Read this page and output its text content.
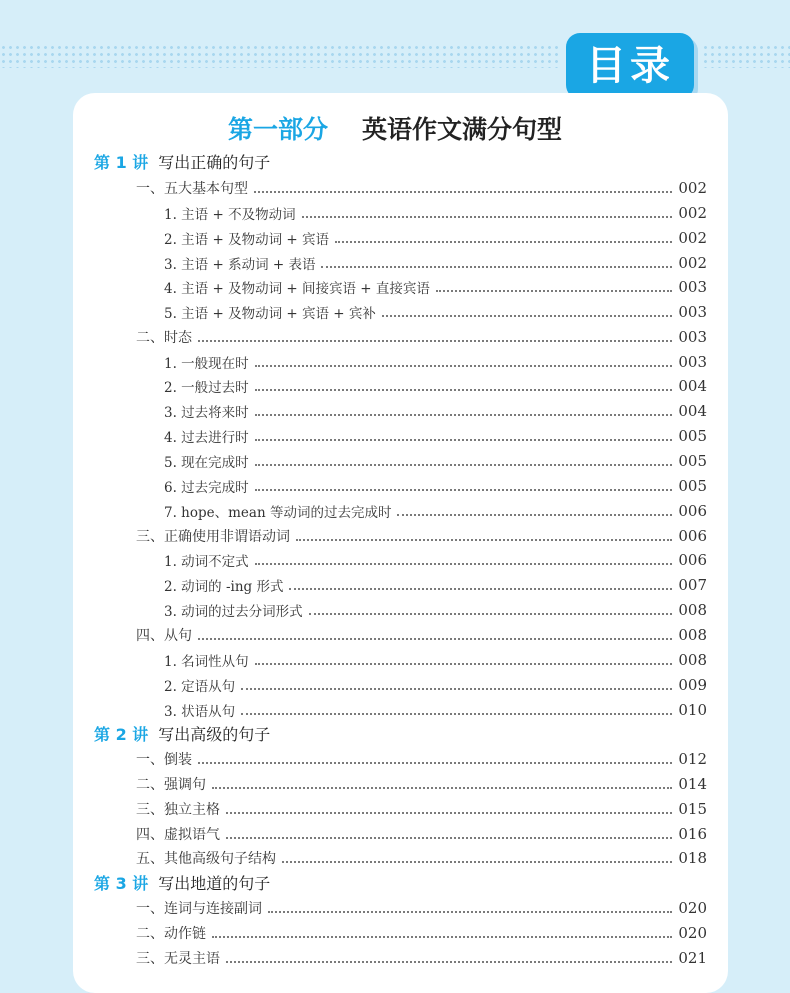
目录
第一部分 英语作文满分句型
第 1 讲 写出正确的句子
一、五大基本句型	002
1. 主语 + 不及物动词	002
2. 主语 + 及物动词 + 宾语	002
3. 主语 + 系动词 + 表语	002
4. 主语 + 及物动词 + 间接宾语 + 直接宾语	003
5. 主语 + 及物动词 + 宾语 + 宾补	003
二、时态	003
1. 一般现在时	003
2. 一般过去时	004
3. 过去将来时	004
4. 过去进行时	005
5. 现在完成时	005
6. 过去完成时	005
7. hope、mean 等动词的过去完成时	006
三、正确使用非谓语动词	006
1. 动词不定式	006
2. 动词的 -ing 形式	007
3. 动词的过去分词形式	008
四、从句	008
1. 名词性从句	008
2. 定语从句	009
3. 状语从句	010
第 2 讲 写出高级的句子
一、倒装	012
二、强调句	014
三、独立主格	015
四、虚拟语气	016
五、其他高级句子结构	018
第 3 讲 写出地道的句子
一、连词与连接副词	020
二、动作链	020
三、无灵主语	021
